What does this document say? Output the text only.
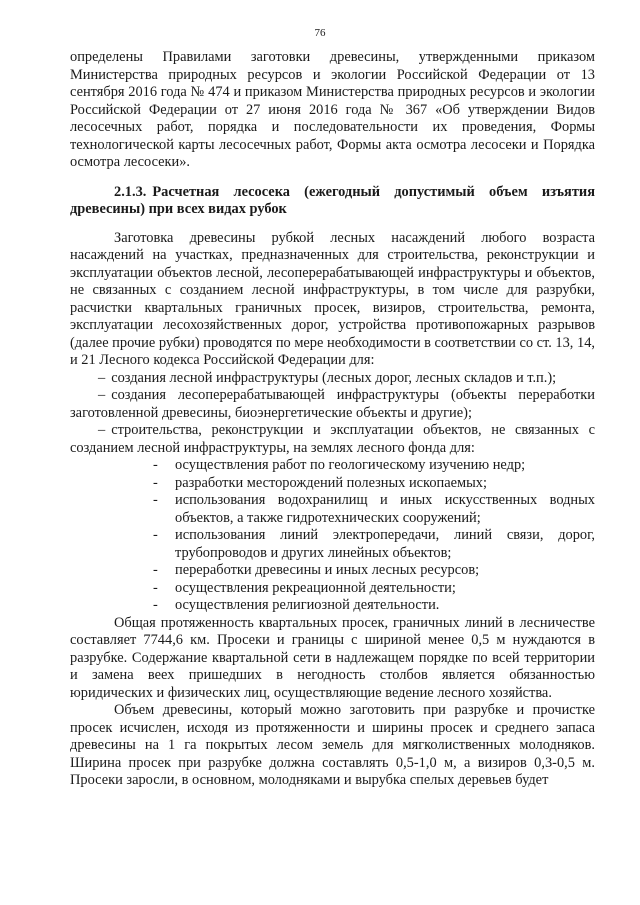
76

определены Правилами заготовки древесины, утвержденными приказом Министерства природных ресурсов и экологии Российской Федерации от 13 сентября 2016 года № 474 и приказом Министерства природных ресурсов и экологии Российской Федерации от 27 июня 2016 года № 367 «Об утверждении Видов лесосечных работ, порядка и последовательности их проведения, Формы технологической карты лесосечных работ, Формы акта осмотра лесосеки и Порядка осмотра лесосеки».

2.1.3. Расчетная лесосека (ежегодный допустимый объем изъятия древесины) при всех видах рубок

Заготовка древесины рубкой лесных насаждений любого возраста насаждений на участках, предназначенных для строительства, реконструкции и эксплуатации объектов лесной, лесоперерабатывающей инфраструктуры и объектов, не связанных с созданием лесной инфраструктуры, в том числе для разрубки, расчистки квартальных граничных просек, визиров, строительства, ремонта, эксплуатации лесохозяйственных дорог, устройства противопожарных разрывов (далее прочие рубки) проводятся по мере необходимости в соответствии со ст. 13, 14, и 21 Лесного кодекса Российской Федерации для:

– создания лесной инфраструктуры (лесных дорог, лесных складов и т.п.);

– создания лесоперерабатывающей инфраструктуры (объекты переработки заготовленной древесины, биоэнергетические объекты и другие);

– строительства, реконструкции и эксплуатации объектов, не связанных с созданием лесной инфраструктуры, на землях лесного фонда для:

- осуществления работ по геологическому изучению недр;
- разработки месторождений полезных ископаемых;
- использования водохранилищ и иных искусственных водных объектов, а также гидротехнических сооружений;
- использования линий электропередачи, линий связи, дорог, трубопроводов и других линейных объектов;
- переработки древесины и иных лесных ресурсов;
- осуществления рекреационной деятельности;
- осуществления религиозной деятельности.

Общая протяженность квартальных просек, граничных линий в лесничестве составляет 7744,6 км. Просеки и границы с шириной менее 0,5 м нуждаются в разрубке. Содержание квартальной сети в надлежащем порядке по всей территории и замена веех пришедших в негодность столбов является обязанностью юридических и физических лиц, осуществляющие ведение лесного хозяйства.

Объем древесины, который можно заготовить при разрубке и прочистке просек исчислен, исходя из протяженности и ширины просек и среднего запаса древесины на 1 га покрытых лесом земель для мягколиственных молодняков. Ширина просек при разрубке должна составлять 0,5-1,0 м, а визиров 0,3-0,5 м. Просеки заросли, в основном, молодняками и вырубка спелых деревьев будет
